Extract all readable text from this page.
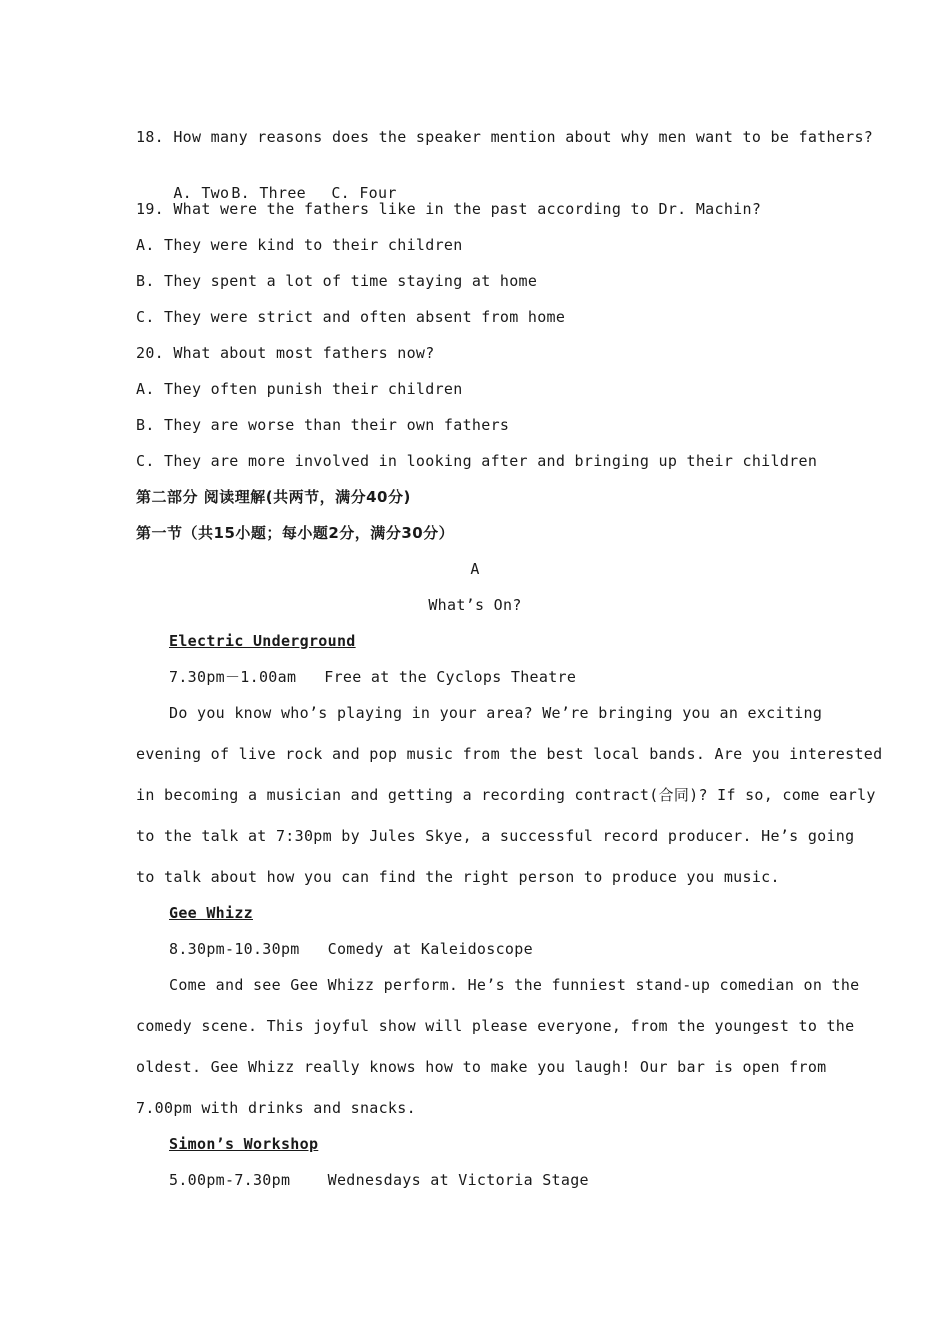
18. How many reasons does the speaker mention about why men want to be fathers?

A. Two B. Three C. Four

19. What were the fathers like in the past according to Dr. Machin?
A. They were kind to their children
B. They spent a lot of time staying at home
C. They were strict and often absent from home
20. What about most fathers now?
A. They often punish their children
B. They are worse than their own fathers
C. They are more involved in looking after and bringing up their children
第二部分 阅读理解(共两节，满分40分)
第一节（共15小题；每小题2分，满分30分）
A
What’s On?
Electric Underground
7.30pm－1.00am   Free at the Cyclops Theatre
Do you know who’s playing in your area? We’re bringing you an exciting
evening of live rock and pop music from the best local bands. Are you interested
in becoming a musician and getting a recording contract(合同)? If so, come early
to the talk at 7:30pm by Jules Skye, a successful record producer. He’s going
to talk about how you can find the right person to produce you music.
Gee Whizz
8.30pm-10.30pm   Comedy at Kaleidoscope
Come and see Gee Whizz perform. He’s the funniest stand-up comedian on the
comedy scene. This joyful show will please everyone, from the youngest to the
oldest. Gee Whizz really knows how to make you laugh! Our bar is open from
7.00pm with drinks and snacks.
Simon’s Workshop
5.00pm-7.30pm    Wednesdays at Victoria Stage
